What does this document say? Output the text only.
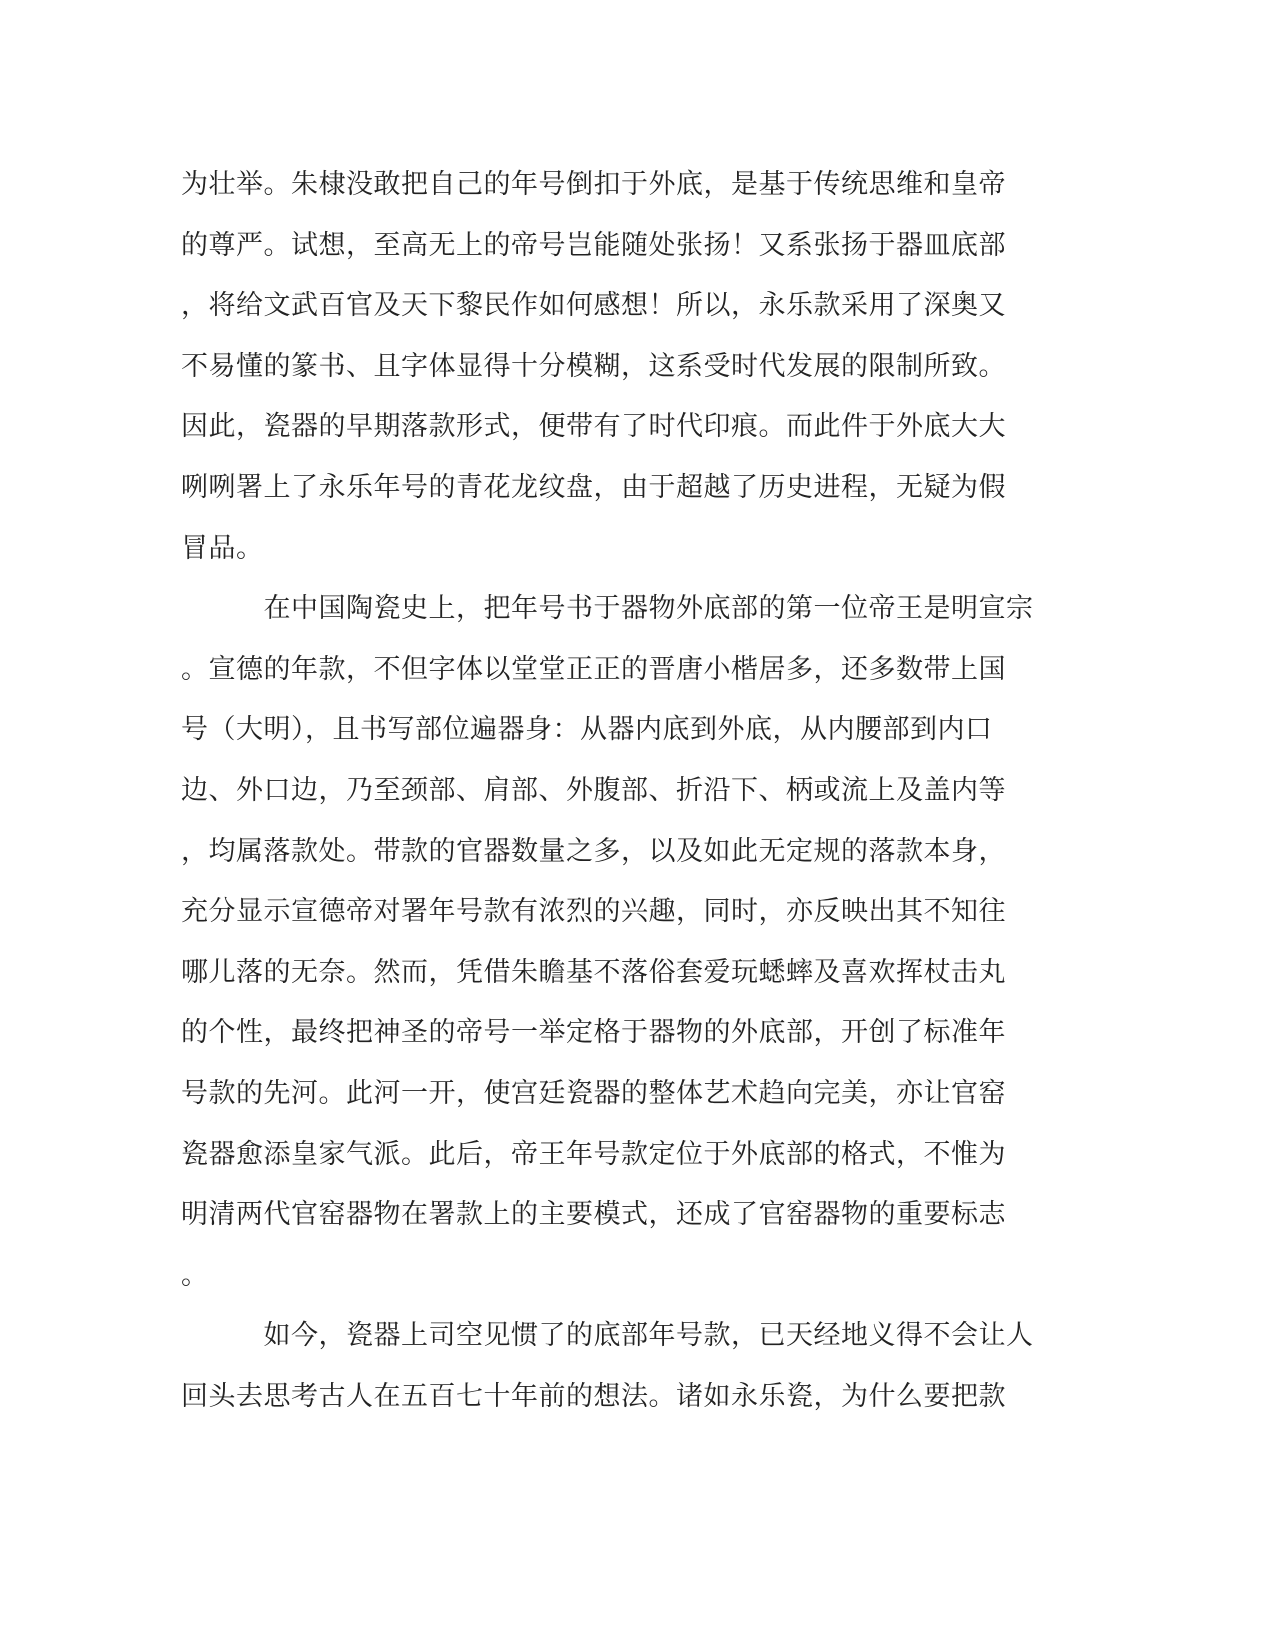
为壮举。朱棣没敢把自己的年号倒扣于外底，是基于传统思维和皇帝
的尊严。试想，至高无上的帝号岂能随处张扬！又系张扬于器皿底部
，将给文武百官及天下黎民作如何感想！所以，永乐款采用了深奥又
不易懂的篆书、且字体显得十分模糊，这系受时代发展的限制所致。
因此，瓷器的早期落款形式，便带有了时代印痕。而此件于外底大大
咧咧署上了永乐年号的青花龙纹盘，由于超越了历史进程，无疑为假
冒品。
　　　在中国陶瓷史上，把年号书于器物外底部的第一位帝王是明宣宗
。宣德的年款，不但字体以堂堂正正的晋唐小楷居多，还多数带上国
号（大明），且书写部位遍器身：从器内底到外底，从内腰部到内口
边、外口边，乃至颈部、肩部、外腹部、折沿下、柄或流上及盖内等
，均属落款处。带款的官器数量之多，以及如此无定规的落款本身，
充分显示宣德帝对署年号款有浓烈的兴趣，同时，亦反映出其不知往
哪儿落的无奈。然而，凭借朱瞻基不落俗套爱玩蟋蟀及喜欢挥杖击丸
的个性，最终把神圣的帝号一举定格于器物的外底部，开创了标准年
号款的先河。此河一开，使宫廷瓷器的整体艺术趋向完美，亦让官窑
瓷器愈添皇家气派。此后，帝王年号款定位于外底部的格式，不惟为
明清两代官窑器物在署款上的主要模式，还成了官窑器物的重要标志
。
　　　如今，瓷器上司空见惯了的底部年号款，已天经地义得不会让人
回头去思考古人在五百七十年前的想法。诸如永乐瓷，为什么要把款
